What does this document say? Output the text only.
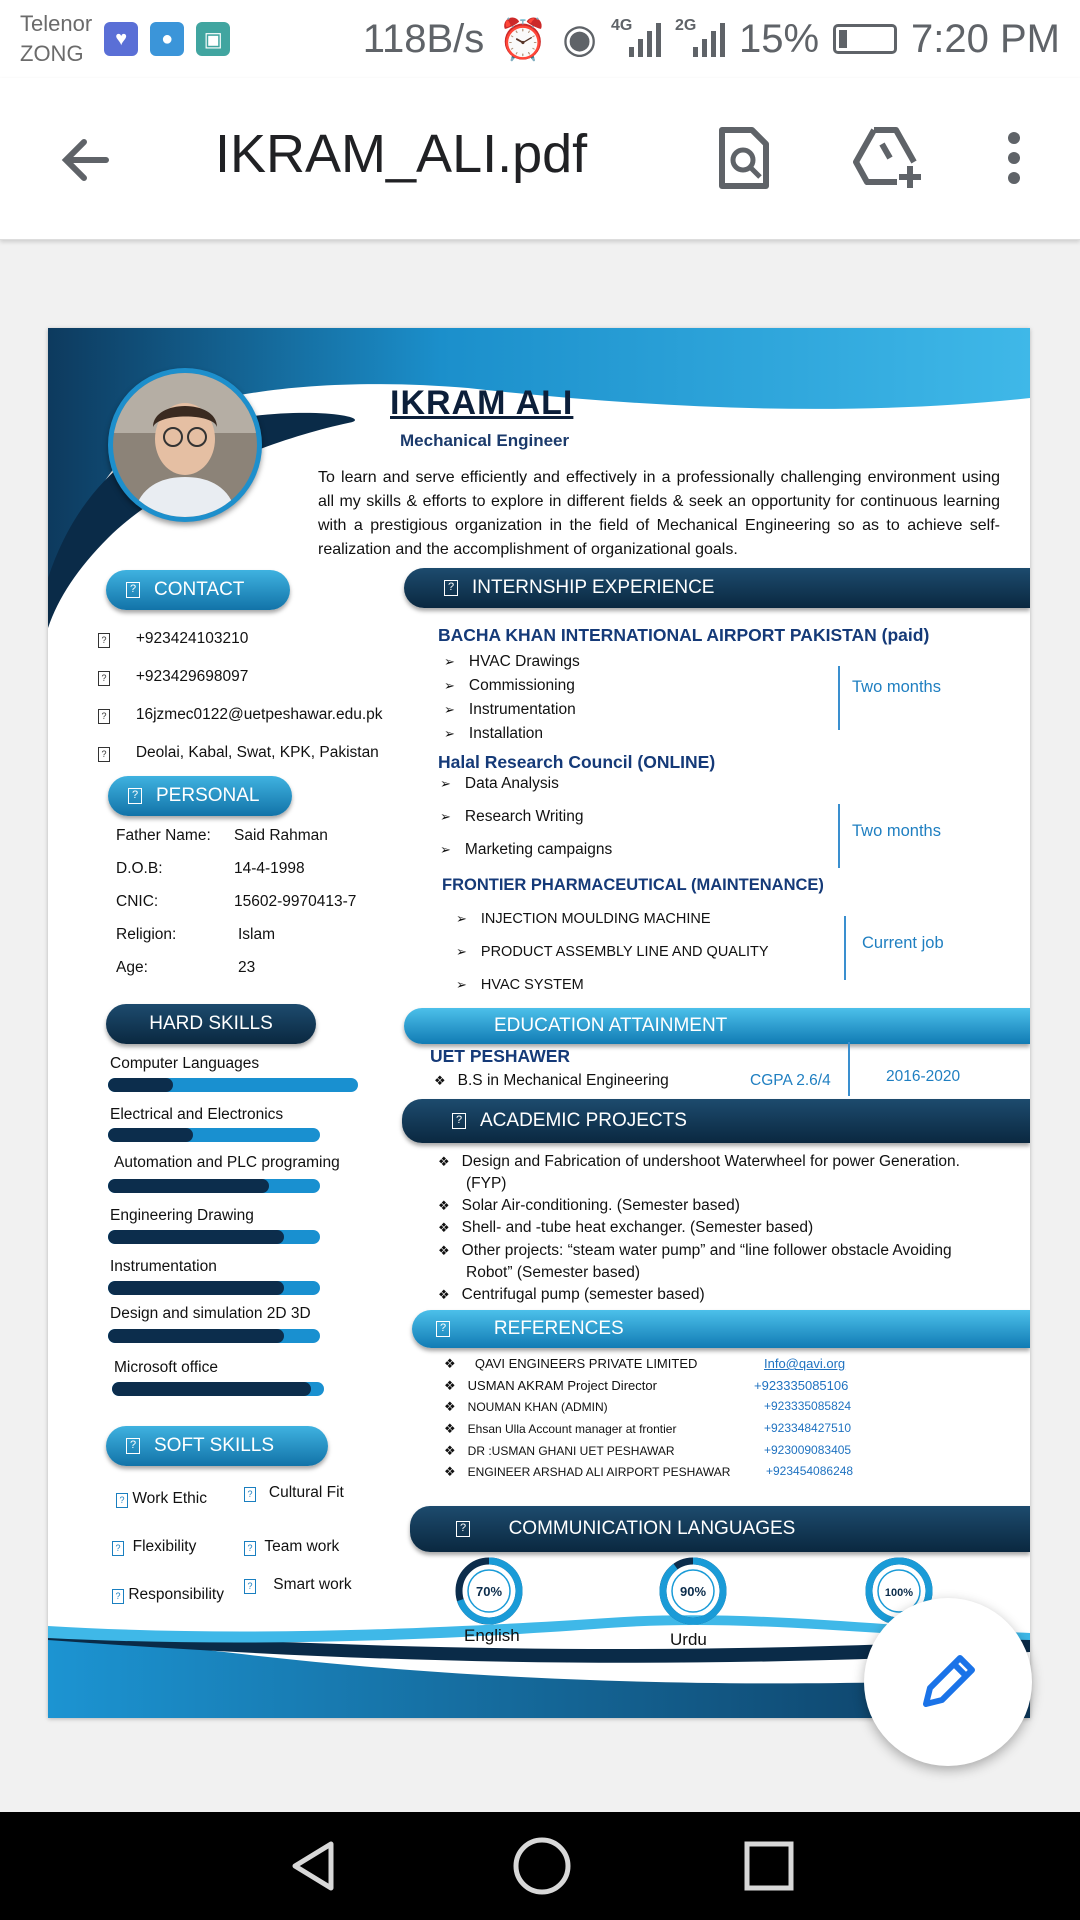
Telenor
ZONG
♥	●	▣	118B/s ⏰ ◉ 4G	2G 15% 7:20 PM
IKRAM_ALI.pdf
IKRAM ALI
Mechanical Engineer
To learn and serve efficiently and effectively in a professionally challenging environment using all my skills & efforts to explore in different fields & seek an opportunity for continuous learning with a prestigious organization in the field of Mechanical Engineering so as to achieve self-realization and the accomplishment of organizational goals.
? CONTACT
? +923424103210
? +923429698097
? 16jzmec0122@uetpeshawar.edu.pk
? Deolai, Kabal, Swat, KPK, Pakistan
? PERSONAL
Father Name: Said Rahman
D.O.B:	14-4-1998
CNIC:	15602-9970413-7
Religion:	Islam
Age:	23
HARD SKILLS
Computer Languages
Electrical and Electronics
Automation and PLC programing
Engineering Drawing
Instrumentation
Design and simulation 2D 3D
Microsoft office
? SOFT SKILLS
? Work Ethic	? Cultural Fit
? Flexibility	? Team work
? Responsibility	? Smart work
? INTERNSHIP EXPERIENCE
BACHA KHAN INTERNATIONAL AIRPORT PAKISTAN (paid)
➢ HVAC Drawings
➢ Commissioning
➢ Instrumentation
➢ Installation
Two months
Halal Research Council (ONLINE)
➢ Data Analysis
➢ Research Writing
➢ Marketing campaigns
Two months
FRONTIER PHARMACEUTICAL (MAINTENANCE)
➢ INJECTION MOULDING MACHINE
➢ PRODUCT ASSEMBLY LINE AND QUALITY
➢ HVAC SYSTEM
Current job
EDUCATION ATTAINMENT
UET PESHAWER
❖ B.S in Mechanical Engineering	CGPA 2.6/4	2016-2020
? ACADEMIC PROJECTS
❖ Design and Fabrication of undershoot Waterwheel for power Generation.
(FYP)
❖ Solar Air-conditioning. (Semester based)
❖ Shell- and -tube heat exchanger. (Semester based)
❖ Other projects: “steam water pump” and “line follower obstacle Avoiding
Robot” (Semester based)
❖ Centrifugal pump (semester based)
?
	REFERENCES
❖ QAVI ENGINEERS PRIVATE LIMITED	Info@qavi.org
❖ USMAN AKRAM Project Director	+923335085106
❖ NOUMAN KHAN (ADMIN)	+923335085824
❖ Ehsan Ulla Account manager at frontier	+923348427510
❖ DR :USMAN GHANI UET PESHAWAR	+923009083405
❖ ENGINEER ARSHAD ALI AIRPORT PESHAWAR	+923454086248
?
COMMUNICATION LANGUAGES
70%
English
90%
Urdu
100%
